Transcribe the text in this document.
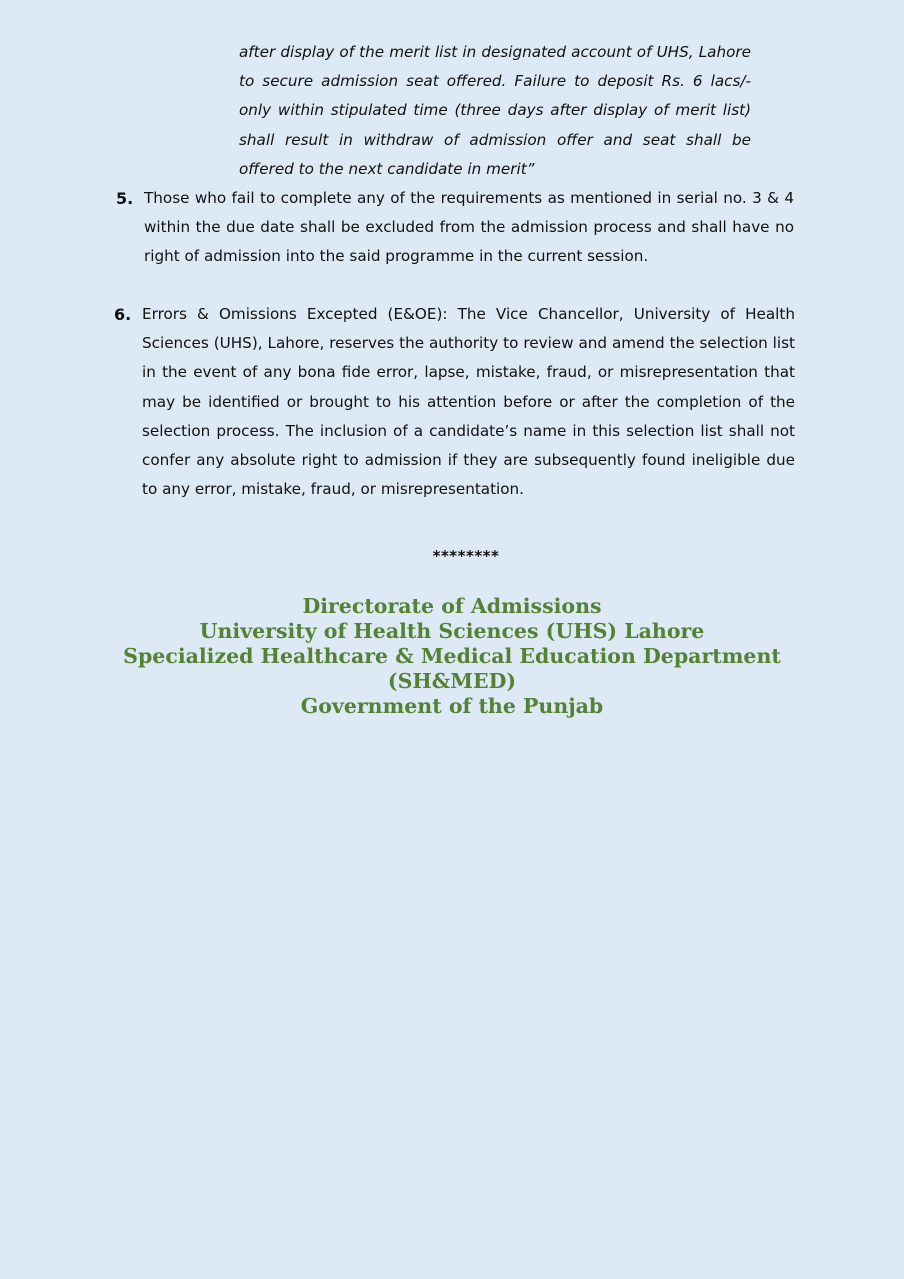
after display of the merit list in designated account of UHS, Lahore to secure admission seat offered. Failure to deposit Rs. 6 lacs/- only within stipulated time (three days after display of merit list) shall result in withdraw of admission offer and seat shall be offered to the next candidate in merit”
5. Those who fail to complete any of the requirements as mentioned in serial no. 3 & 4 within the due date shall be excluded from the admission process and shall have no right of admission into the said programme in the current session.
6. Errors & Omissions Excepted (E&OE): The Vice Chancellor, University of Health Sciences (UHS), Lahore, reserves the authority to review and amend the selection list in the event of any bona fide error, lapse, mistake, fraud, or misrepresentation that may be identified or brought to his attention before or after the completion of the selection process. The inclusion of a candidate’s name in this selection list shall not confer any absolute right to admission if they are subsequently found ineligible due to any error, mistake, fraud, or misrepresentation.
********
Directorate of Admissions
University of Health Sciences (UHS) Lahore
Specialized Healthcare & Medical Education Department
(SH&MED)
Government of the Punjab
